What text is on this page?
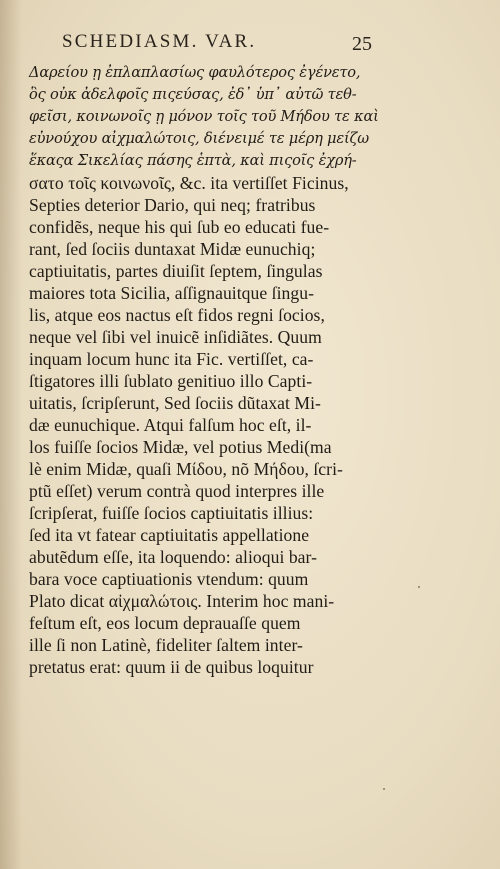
SCHEDIASM. VAR.	25
Δαρείου ῃ ἐπλαπλασίως φαυλότερος ἐγένετο,
ὃς οὐκ ἀδελφοῖς πιςεύσας, ἐδ᾽ ὑπ᾽ αὐτῶ τεθ-
φεῖσι, κοινωνοῖς ῃ μόνον τοῖς τοῦ Μήδου τε καὶ
εὐνούχου αἰχμαλώτοις, διένειμέ τε μέρη μείζω
ἕκαςα Σικελίας πάσης ἑπτὰ, καὶ πιςοῖς ἐχρή-
σατο τοῖς κοινωνοῖς, &c. ita vertiſſet Ficinus,
Septies deterior Dario, qui neq; fratribus
confidẽs, neque his qui ſub eo educati fue-
rant, ſed ſociis duntaxat Midæ eunuchiq;
captiuitatis, partes diuiſit ſeptem, ſingulas
maiores tota Sicilia, aſſignauitque ſingu-
lis, atque eos nactus eſt fidos regni ſocios,
neque vel ſibi vel inuicẽ inſidiãtes. Quum
inquam locum hunc ita Fic. vertiſſet, ca-
ſtigatores illi ſublato genitiuo illo Capti-
uitatis, ſcripſerunt, Sed ſociis dũtaxat Mi-
dæ eunuchique. Atqui falſum hoc eſt, il-
los fuiſſe ſocios Midæ, vel potius Medi(ma
lè enim Midæ, quaſi Μίδου, nõ Μήδου, ſcri-
ptũ eſſet) verum contrà quod interpres ille
ſcripſerat, fuiſſe ſocios captiuitatis illius:
ſed ita vt fatear captiuitatis appellatione
abutẽdum eſſe, ita loquendo: alioqui bar-
bara voce captiuationis vtendum: quum
Plato dicat αἰχμαλώτοις. Interim hoc mani-
feſtum eſt, eos locum deprauaſſe quem
ille ſi non Latinè, fideliter ſaltem inter-
pretatus erat: quum ii de quibus loquitur
